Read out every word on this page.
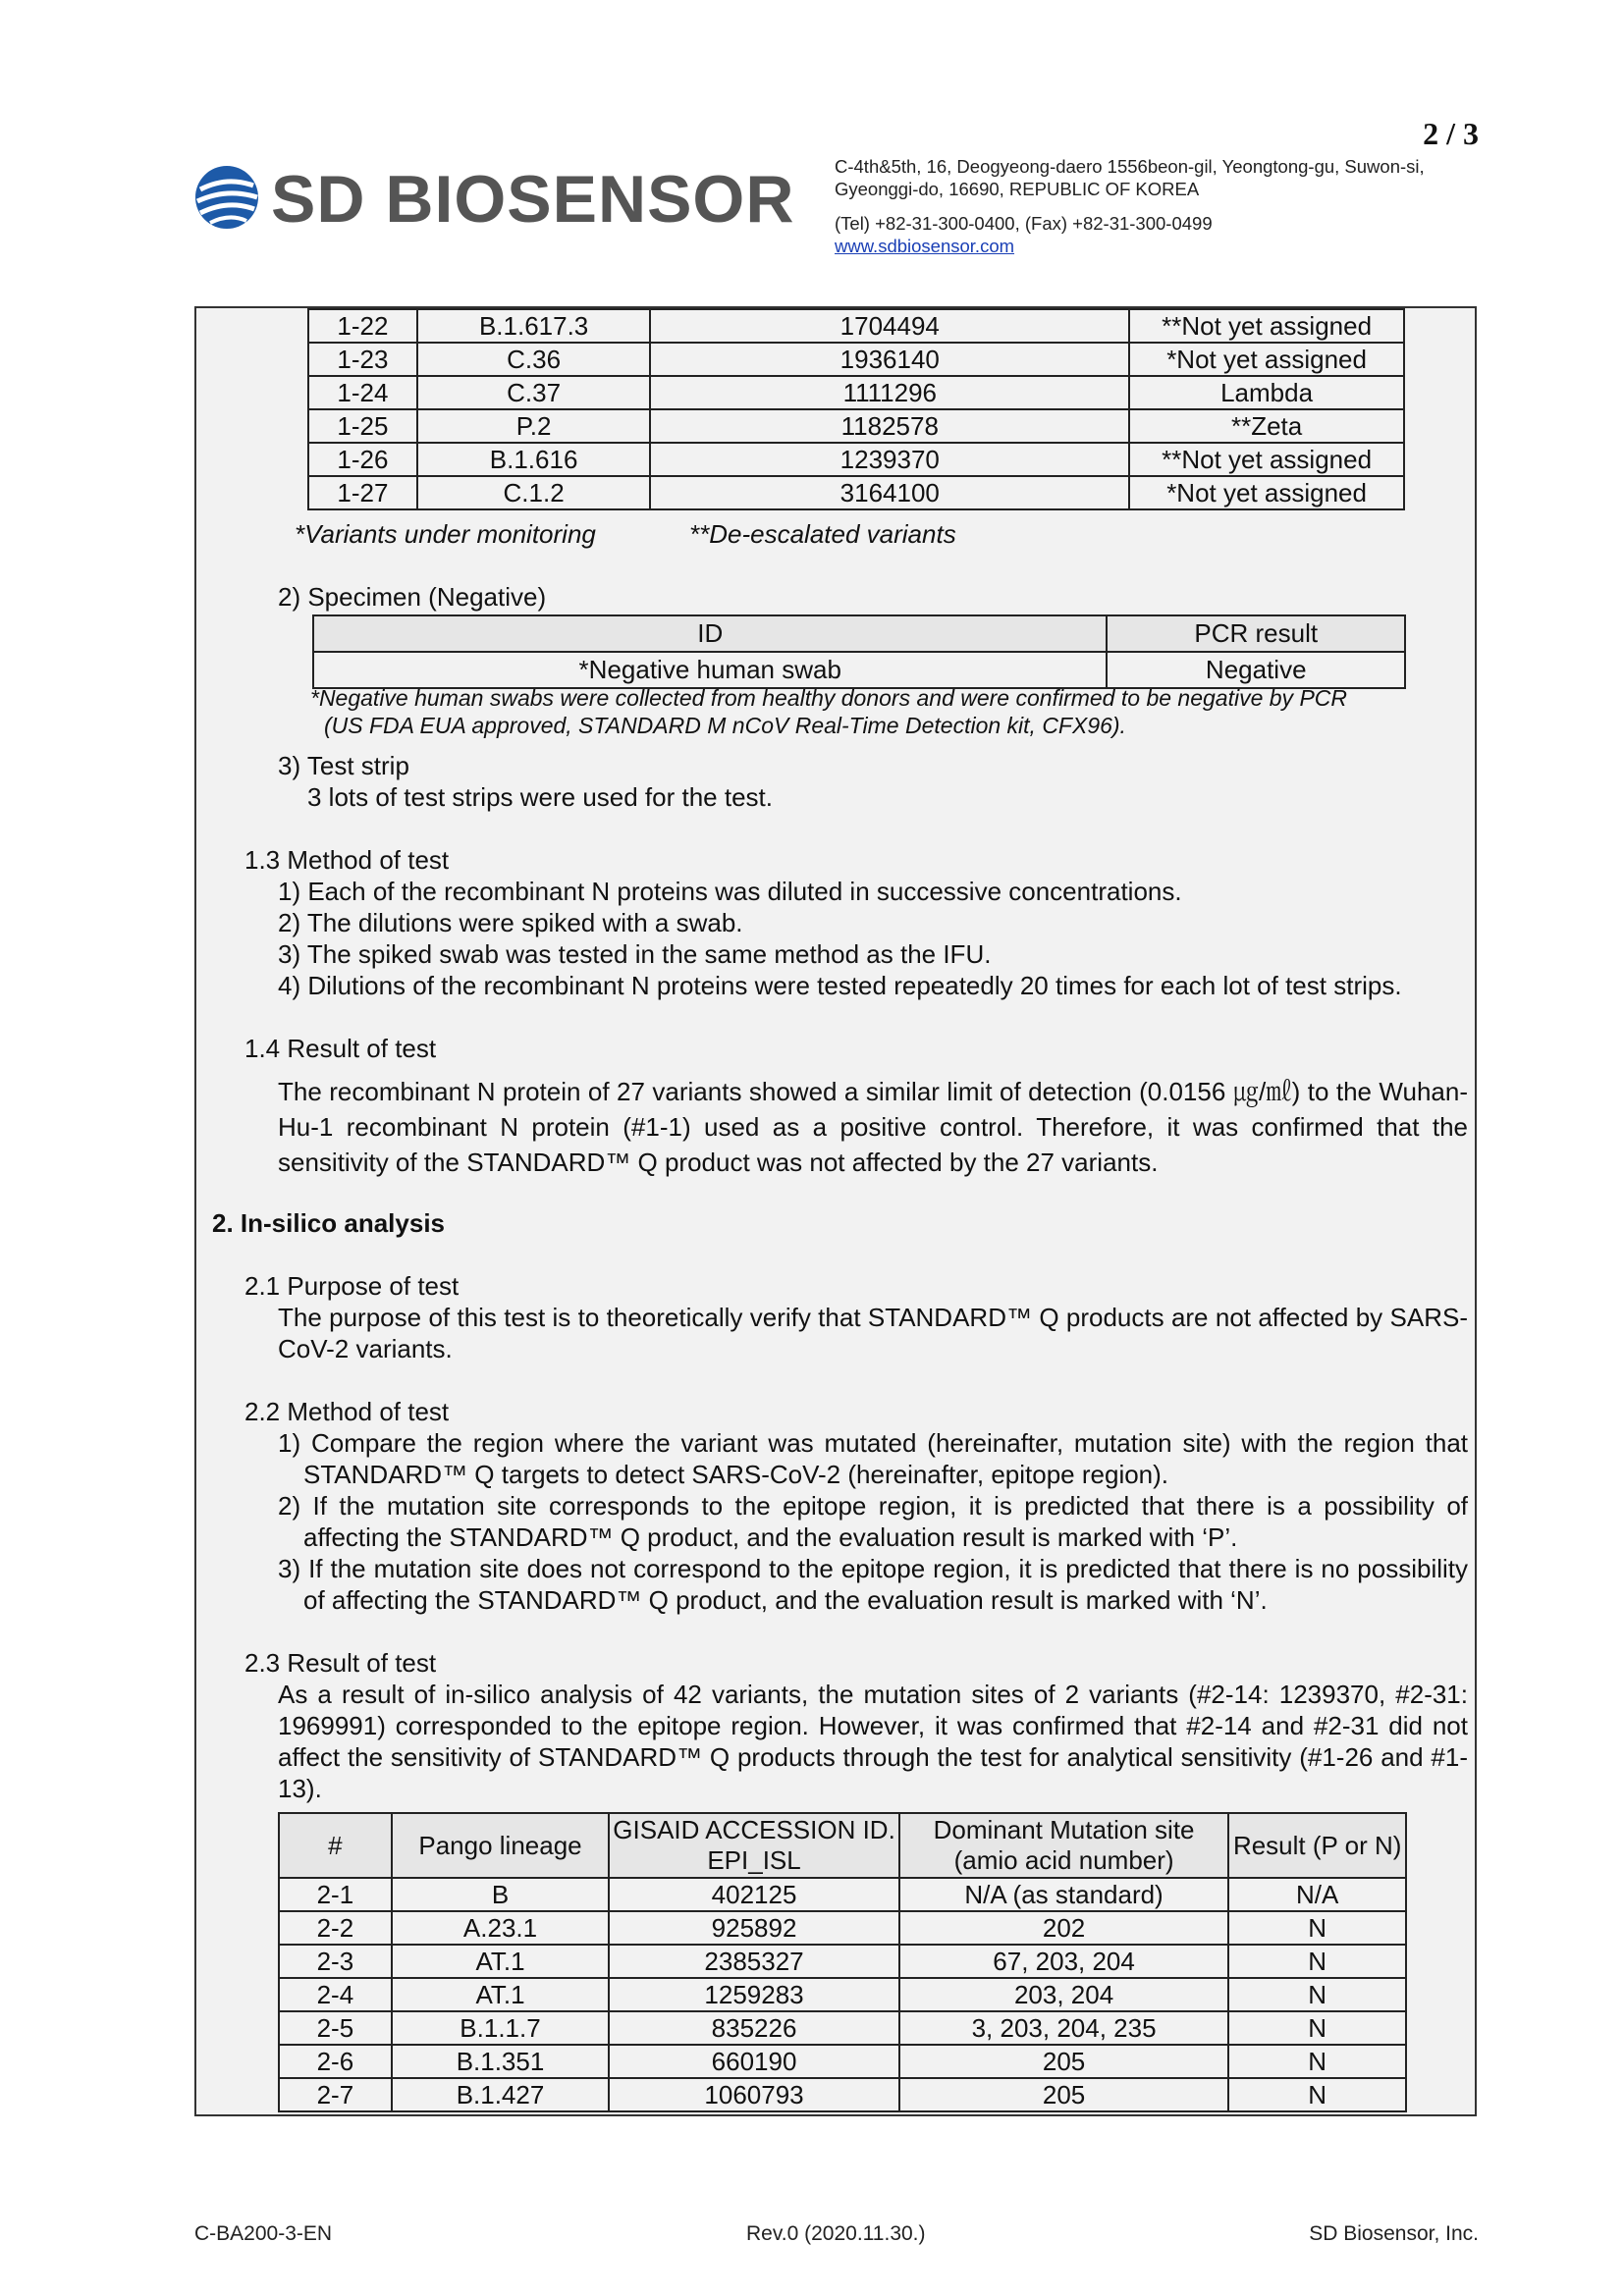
2 / 3
SD BIOSENSOR C-4th&5th, 16, Deogyeong-daero 1556beon-gil, Yeongtong-gu, Suwon-si,
Gyeonggi-do, 16690, REPUBLIC OF KOREA
(Tel) +82-31-300-0400, (Fax) +82-31-300-0499
www.sdbiosensor.com
1-22	B.1.617.3	1704494	**Not yet assigned
1-23	C.36	1936140	*Not yet assigned
1-24	C.37	1111296	Lambda
1-25	P.2	1182578	**Zeta
1-26	B.1.616	1239370	**Not yet assigned
1-27	C.1.2	3164100	*Not yet assigned
*Variants under monitoring	**De-escalated variants
2) Specimen (Negative)
ID	PCR result
*Negative human swab	Negative
*Negative human swabs were collected from healthy donors and were confirmed to be negative by PCR
(US FDA EUA approved, STANDARD M nCoV Real-Time Detection kit, CFX96).
3) Test strip
3 lots of test strips were used for the test.
1.3 Method of test
1) Each of the recombinant N proteins was diluted in successive concentrations.
2) The dilutions were spiked with a swab.
3) The spiked swab was tested in the same method as the IFU.
4) Dilutions of the recombinant N proteins were tested repeatedly 20 times for each lot of test strips.
1.4 Result of test
The recombinant N protein of 27 variants showed a similar limit of detection (0.0156 ㎍/㎖) to the Wuhan-Hu-1 recombinant N protein (#1-1) used as a positive control. Therefore, it was confirmed that the sensitivity of the STANDARD™ Q product was not affected by the 27 variants.
2. In-silico analysis
2.1 Purpose of test
The purpose of this test is to theoretically verify that STANDARD™ Q products are not affected by SARS-CoV-2 variants.
2.2 Method of test
1) Compare the region where the variant was mutated (hereinafter, mutation site) with the region that STANDARD™ Q targets to detect SARS-CoV-2 (hereinafter, epitope region).
2) If the mutation site corresponds to the epitope region, it is predicted that there is a possibility of affecting the STANDARD™ Q product, and the evaluation result is marked with ‘P’.
3) If the mutation site does not correspond to the epitope region, it is predicted that there is no possibility of affecting the STANDARD™ Q product, and the evaluation result is marked with ‘N’.
2.3 Result of test
As a result of in-silico analysis of 42 variants, the mutation sites of 2 variants (#2-14: 1239370, #2-31: 1969991) corresponded to the epitope region. However, it was confirmed that #2-14 and #2-31 did not affect the sensitivity of STANDARD™ Q products through the test for analytical sensitivity (#1-26 and #1-13).
#	Pango lineage	GISAID ACCESSION ID. EPI_ISL	Dominant Mutation site (amio acid number)	Result (P or N)
2-1	B	402125	N/A (as standard)	N/A
2-2	A.23.1	925892	202	N
2-3	AT.1	2385327	67, 203, 204	N
2-4	AT.1	1259283	203, 204	N
2-5	B.1.1.7	835226	3, 203, 204, 235	N
2-6	B.1.351	660190	205	N
2-7	B.1.427	1060793	205	N
C-BA200-3-EN	Rev.0 (2020.11.30.)	SD Biosensor, Inc.
